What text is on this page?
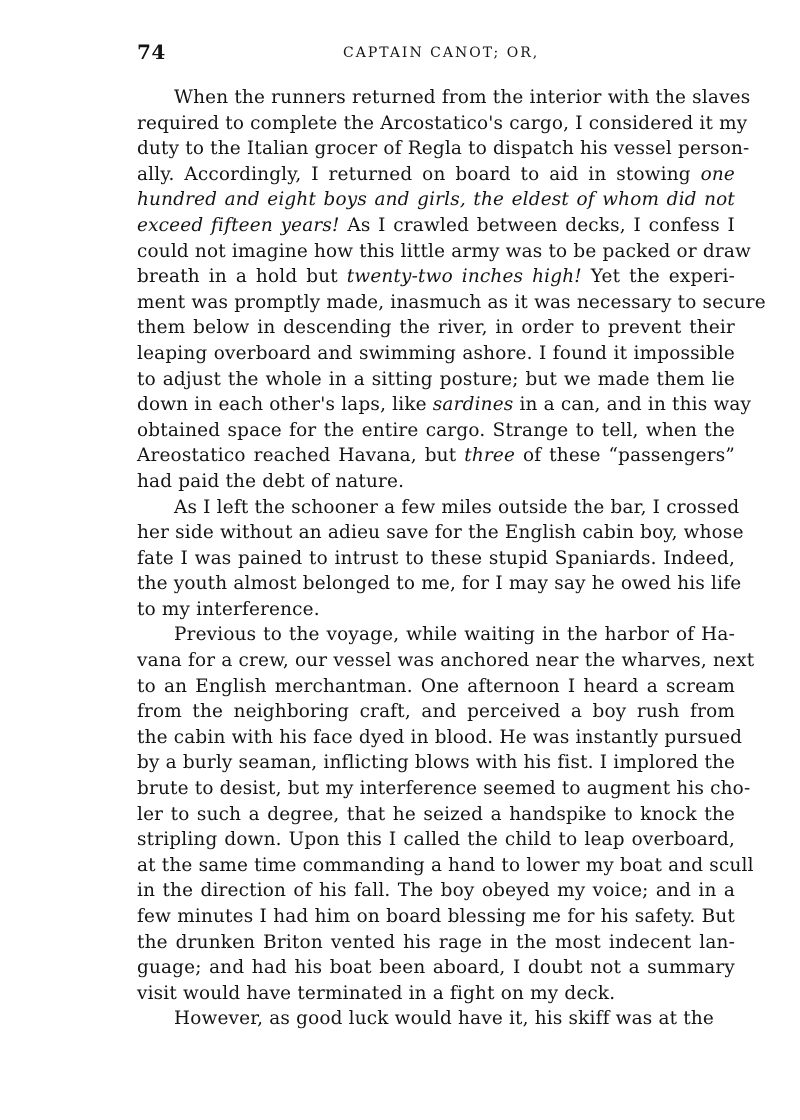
74	CAPTAIN CANOT; OR,
When the runners returned from the interior with the slaves
required to complete the Arcostatico's cargo, I considered it my
duty to the Italian grocer of Regla to dispatch his vessel person-
ally. Accordingly, I returned on board to aid in stowing one
hundred and eight boys and girls, the eldest of whom did not
exceed fifteen years! As I crawled between decks, I confess I
could not imagine how this little army was to be packed or draw
breath in a hold but twenty-two inches high! Yet the experi-
ment was promptly made, inasmuch as it was necessary to secure
them below in descending the river, in order to prevent their
leaping overboard and swimming ashore. I found it impossible
to adjust the whole in a sitting posture; but we made them lie
down in each other's laps, like sardines in a can, and in this way
obtained space for the entire cargo. Strange to tell, when the
Areostatico reached Havana, but three of these “passengers”
had paid the debt of nature.
As I left the schooner a few miles outside the bar, I crossed
her side without an adieu save for the English cabin boy, whose
fate I was pained to intrust to these stupid Spaniards. Indeed,
the youth almost belonged to me, for I may say he owed his life
to my interference.
Previous to the voyage, while waiting in the harbor of Ha-
vana for a crew, our vessel was anchored near the wharves, next
to an English merchantman. One afternoon I heard a scream
from the neighboring craft, and perceived a boy rush from
the cabin with his face dyed in blood. He was instantly pursued
by a burly seaman, inflicting blows with his fist. I implored the
brute to desist, but my interference seemed to augment his cho-
ler to such a degree, that he seized a handspike to knock the
stripling down. Upon this I called the child to leap overboard,
at the same time commanding a hand to lower my boat and scull
in the direction of his fall. The boy obeyed my voice; and in a
few minutes I had him on board blessing me for his safety. But
the drunken Briton vented his rage in the most indecent lan-
guage; and had his boat been aboard, I doubt not a summary
visit would have terminated in a fight on my deck.
However, as good luck would have it, his skiff was at the
